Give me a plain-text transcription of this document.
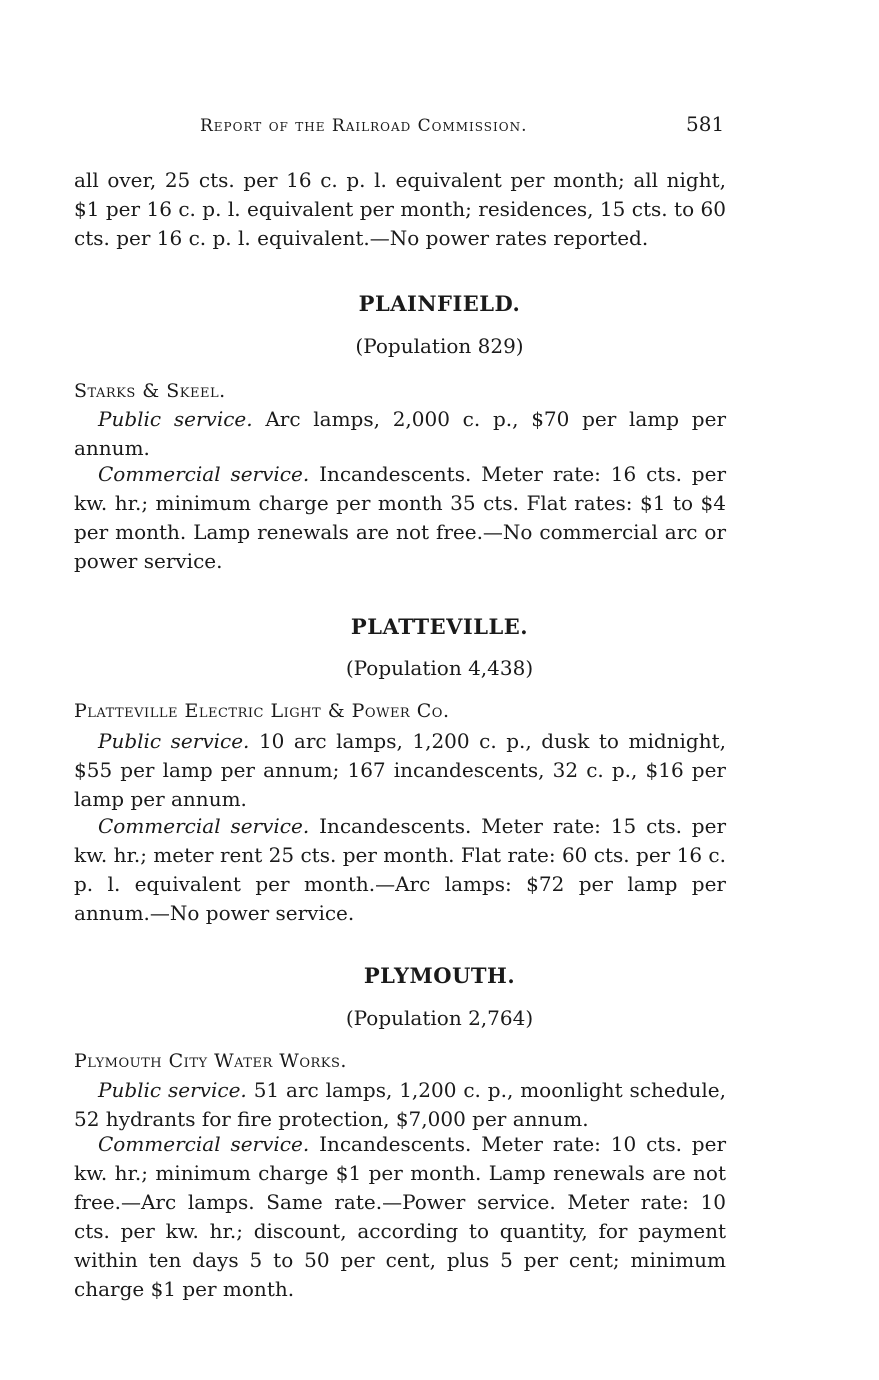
Report of the Railroad Commission.	581

all over, 25 cts. per 16 c. p. l. equivalent per month; all night, $1 per 16 c. p. l. equivalent per month; residences, 15 cts. to 60 cts. per 16 c. p. l. equivalent.—No power rates reported.

PLAINFIELD.

(Population 829)

Starks & Skeel.

Public service. Arc lamps, 2,000 c. p., $70 per lamp per annum.

Commercial service. Incandescents. Meter rate: 16 cts. per kw. hr.; minimum charge per month 35 cts. Flat rates: $1 to $4 per month. Lamp renewals are not free.—No commercial arc or power service.

PLATTEVILLE.

(Population 4,438)

Platteville Electric Light & Power Co.

Public service. 10 arc lamps, 1,200 c. p., dusk to midnight, $55 per lamp per annum; 167 incandescents, 32 c. p., $16 per lamp per annum.

Commercial service. Incandescents. Meter rate: 15 cts. per kw. hr.; meter rent 25 cts. per month. Flat rate: 60 cts. per 16 c. p. l. equivalent per month.—Arc lamps: $72 per lamp per annum.—No power service.

PLYMOUTH.

(Population 2,764)

Plymouth City Water Works.

Public service. 51 arc lamps, 1,200 c. p., moonlight schedule, 52 hydrants for fire protection, $7,000 per annum.

Commercial service. Incandescents. Meter rate: 10 cts. per kw. hr.; minimum charge $1 per month. Lamp renewals are not free.—Arc lamps. Same rate.—Power service. Meter rate: 10 cts. per kw. hr.; discount, according to quantity, for payment within ten days 5 to 50 per cent, plus 5 per cent; minimum charge $1 per month.
